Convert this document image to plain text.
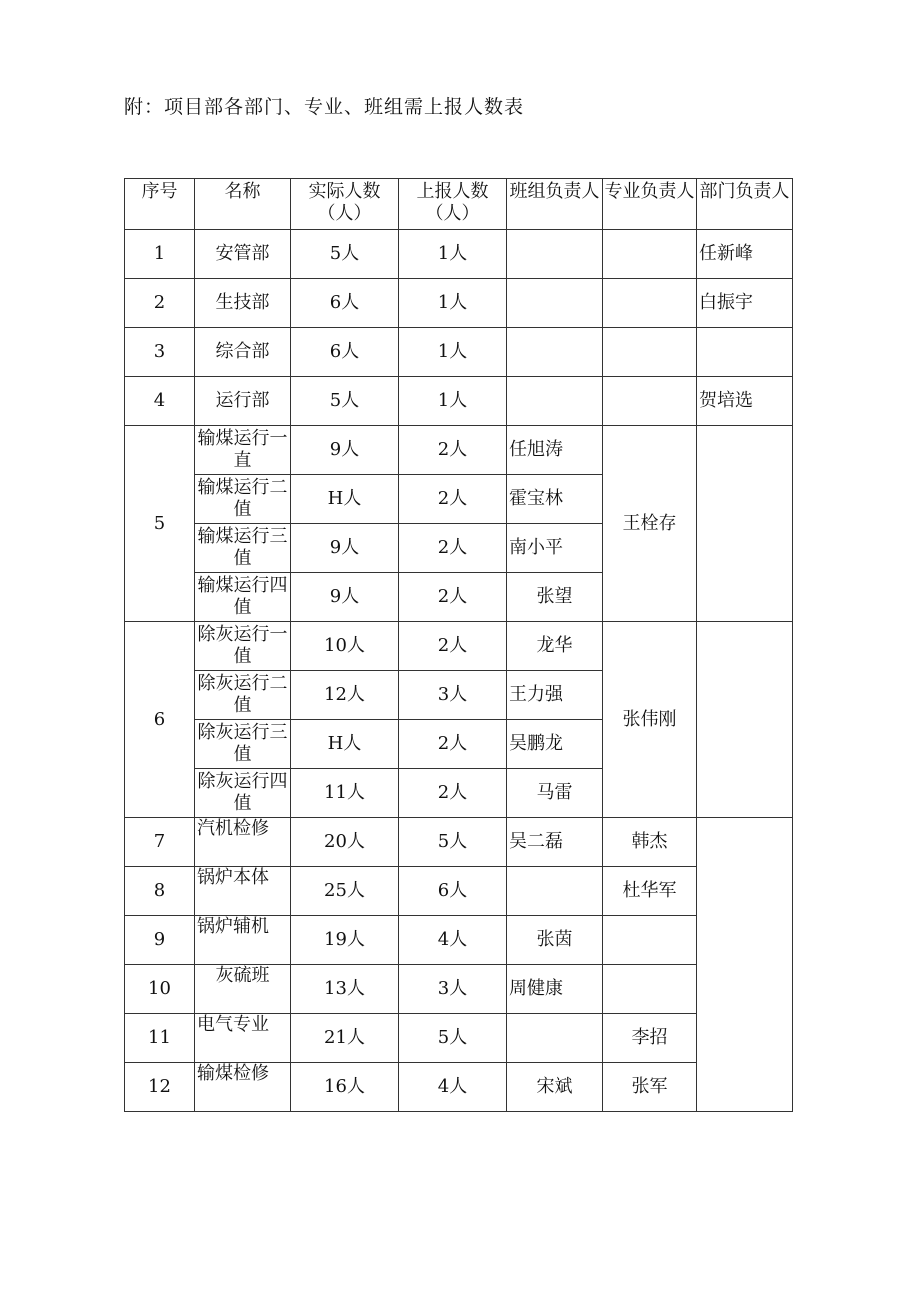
附：项目部各部门、专业、班组需上报人数表
序号	名称	实际人数（人）	上报人数（人）	班组负责人	专业负责人	部门负责人
1	安管部	5人	1人			任新峰
2	生技部	6人	1人			白振宇
3	综合部	6人	1人			
4	运行部	5人	1人			贺培选
5	输煤运行一直	9人	2人	任旭涛	王栓存	
	输煤运行二值	H人	2人	霍宝林		
	输煤运行三值	9人	2人	南小平		
	输煤运行四值	9人	2人	张望		
6	除灰运行一值	10人	2人	龙华	张伟刚	
	除灰运行二值	12人	3人	王力强		
	除灰运行三值	H人	2人	吴鹏龙		
	除灰运行四值	11人	2人	马雷		
7	汽机检修	20人	5人	吴二磊	韩杰	
8	锅炉本体	25人	6人		杜华军	
9	锅炉辅机	19人	4人	张茵		
10	灰硫班	13人	3人	周健康		
11	电气专业	21人	5人		李招	
12	输煤检修	16人	4人	宋斌	张军	
